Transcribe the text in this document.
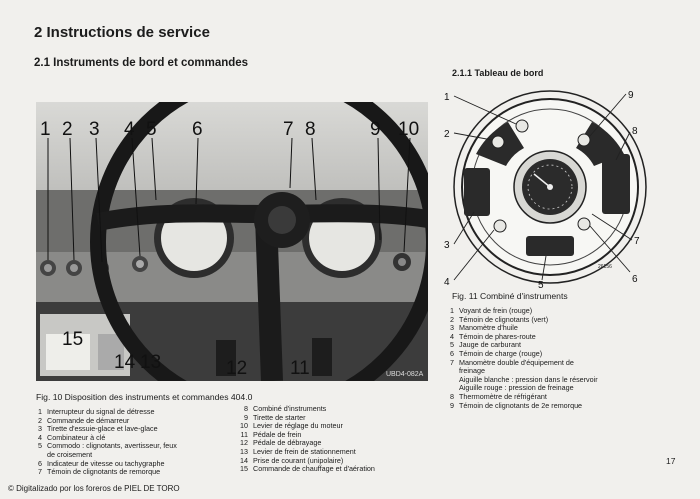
2 Instructions de service
2.1 Instruments de bord et commandes
2.1.1 Tableau de bord
1 2 3 4 5 6	7 8	9 10
11
12
13
14
15
UBD4-082A
Fig. 10 Disposition des instruments et commandes 404.0
1 Interrupteur du signal de détresse
2 Commande de démarreur
3 Tirette d'essuie-glace et lave-glace
4 Combinateur à clé
5 Commodo : clignotants, avertisseur, feux
de croisement
6 Indicateur de vitesse ou tachygraphe
7 Témoin de clignotants de remorque
8 Combiné d'instruments
9 Tirette de starter
10 Levier de réglage du moteur
11 Pédale de frein
12 Pédale de débrayage
13 Levier de frein de stationnement
14 Prise de courant (unipolaire)
15 Commande de chauffage et d'aération
1
2
3
4	5
6
7
8
9
26156
Fig. 11 Combiné d'instruments
1 Voyant de frein (rouge)
2 Témoin de clignotants (vert)
3 Manomètre d'huile
4 Témoin de phares-route
5 Jauge de carburant
6 Témoin de charge (rouge)
7 Manomètre double d'équipement de
freinage
Aiguille blanche : pression dans le réservoir
Aiguille rouge : pression de freinage
8 Thermomètre de réfrigérant
9 Témoin de clignotants de 2e remorque
17
© Digitalizado por los foreros de PIEL DE TORO
